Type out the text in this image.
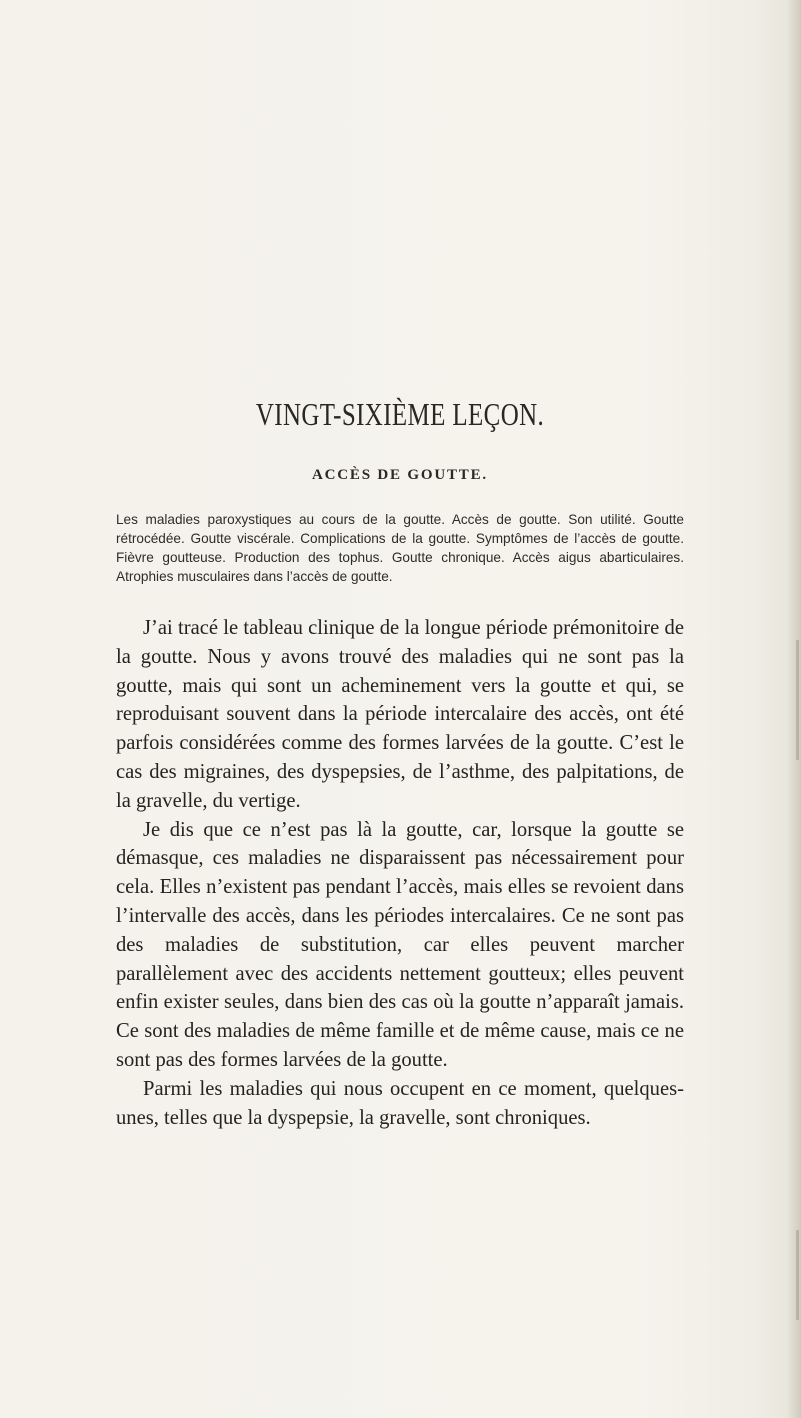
VINGT-SIXIÈME LEÇON.
ACCÈS DE GOUTTE.

Les maladies paroxystiques au cours de la goutte. Accès de goutte. Son utilité. Goutte rétrocédée. Goutte viscérale. Complications de la goutte. Symptômes de l’accès de goutte. Fièvre goutteuse. Production des tophus. Goutte chronique. Accès aigus abarticulaires. Atrophies musculaires dans l’accès de goutte.

J’ai tracé le tableau clinique de la longue période prémonitoire de la goutte. Nous y avons trouvé des maladies qui ne sont pas la goutte, mais qui sont un acheminement vers la goutte et qui, se reproduisant souvent dans la période intercalaire des accès, ont été parfois considérées comme des formes larvées de la goutte. C’est le cas des migraines, des dyspepsies, de l’asthme, des palpitations, de la gravelle, du vertige.

Je dis que ce n’est pas là la goutte, car, lorsque la goutte se démasque, ces maladies ne disparaissent pas nécessairement pour cela. Elles n’existent pas pendant l’accès, mais elles se revoient dans l’intervalle des accès, dans les périodes intercalaires. Ce ne sont pas des maladies de substitution, car elles peuvent marcher parallèlement avec des accidents nettement goutteux; elles peuvent enfin exister seules, dans bien des cas où la goutte n’apparaît jamais. Ce sont des maladies de même famille et de même cause, mais ce ne sont pas des formes larvées de la goutte.

Parmi les maladies qui nous occupent en ce moment, quelques-unes, telles que la dyspepsie, la gravelle, sont chroniques.
